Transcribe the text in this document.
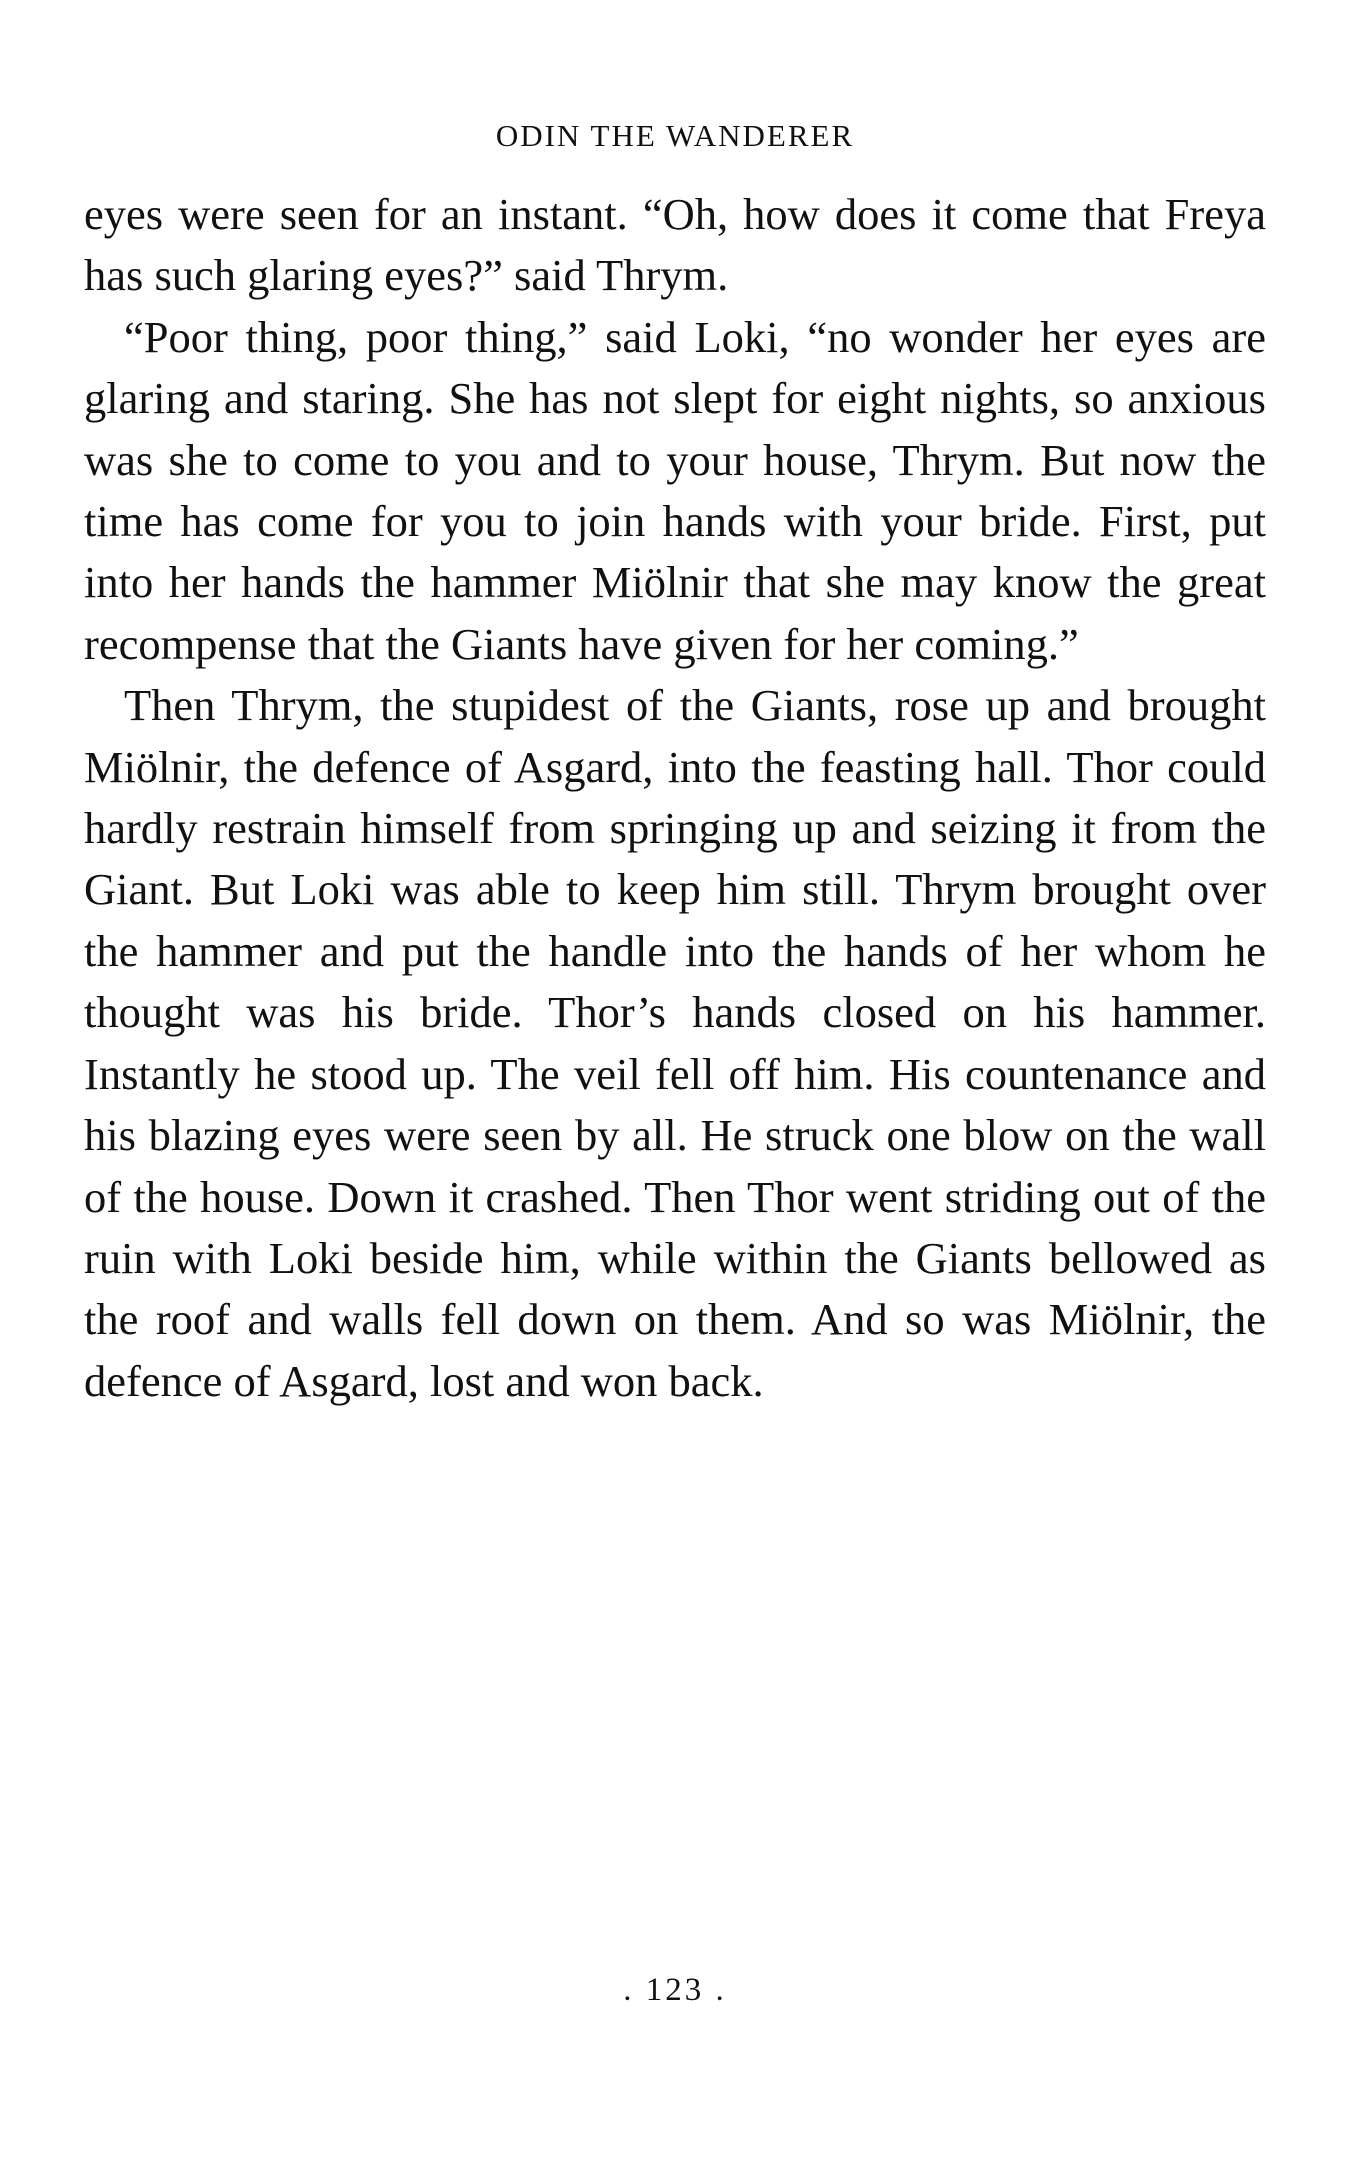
ODIN THE WANDERER

eyes were seen for an instant. “Oh, how does it come that Freya has such glaring eyes?” said Thrym.

“Poor thing, poor thing,” said Loki, “no wonder her eyes are glaring and staring. She has not slept for eight nights, so anxious was she to come to you and to your house, Thrym. But now the time has come for you to join hands with your bride. First, put into her hands the hammer Miölnir that she may know the great recompense that the Giants have given for her coming.”

Then Thrym, the stupidest of the Giants, rose up and brought Miölnir, the defence of Asgard, into the feasting hall. Thor could hardly restrain himself from springing up and seizing it from the Giant. But Loki was able to keep him still. Thrym brought over the hammer and put the handle into the hands of her whom he thought was his bride. Thor’s hands closed on his hammer. Instantly he stood up. The veil fell off him. His countenance and his blazing eyes were seen by all. He struck one blow on the wall of the house. Down it crashed. Then Thor went striding out of the ruin with Loki beside him, while within the Giants bellowed as the roof and walls fell down on them. And so was Miölnir, the defence of Asgard, lost and won back.

. 123 .
